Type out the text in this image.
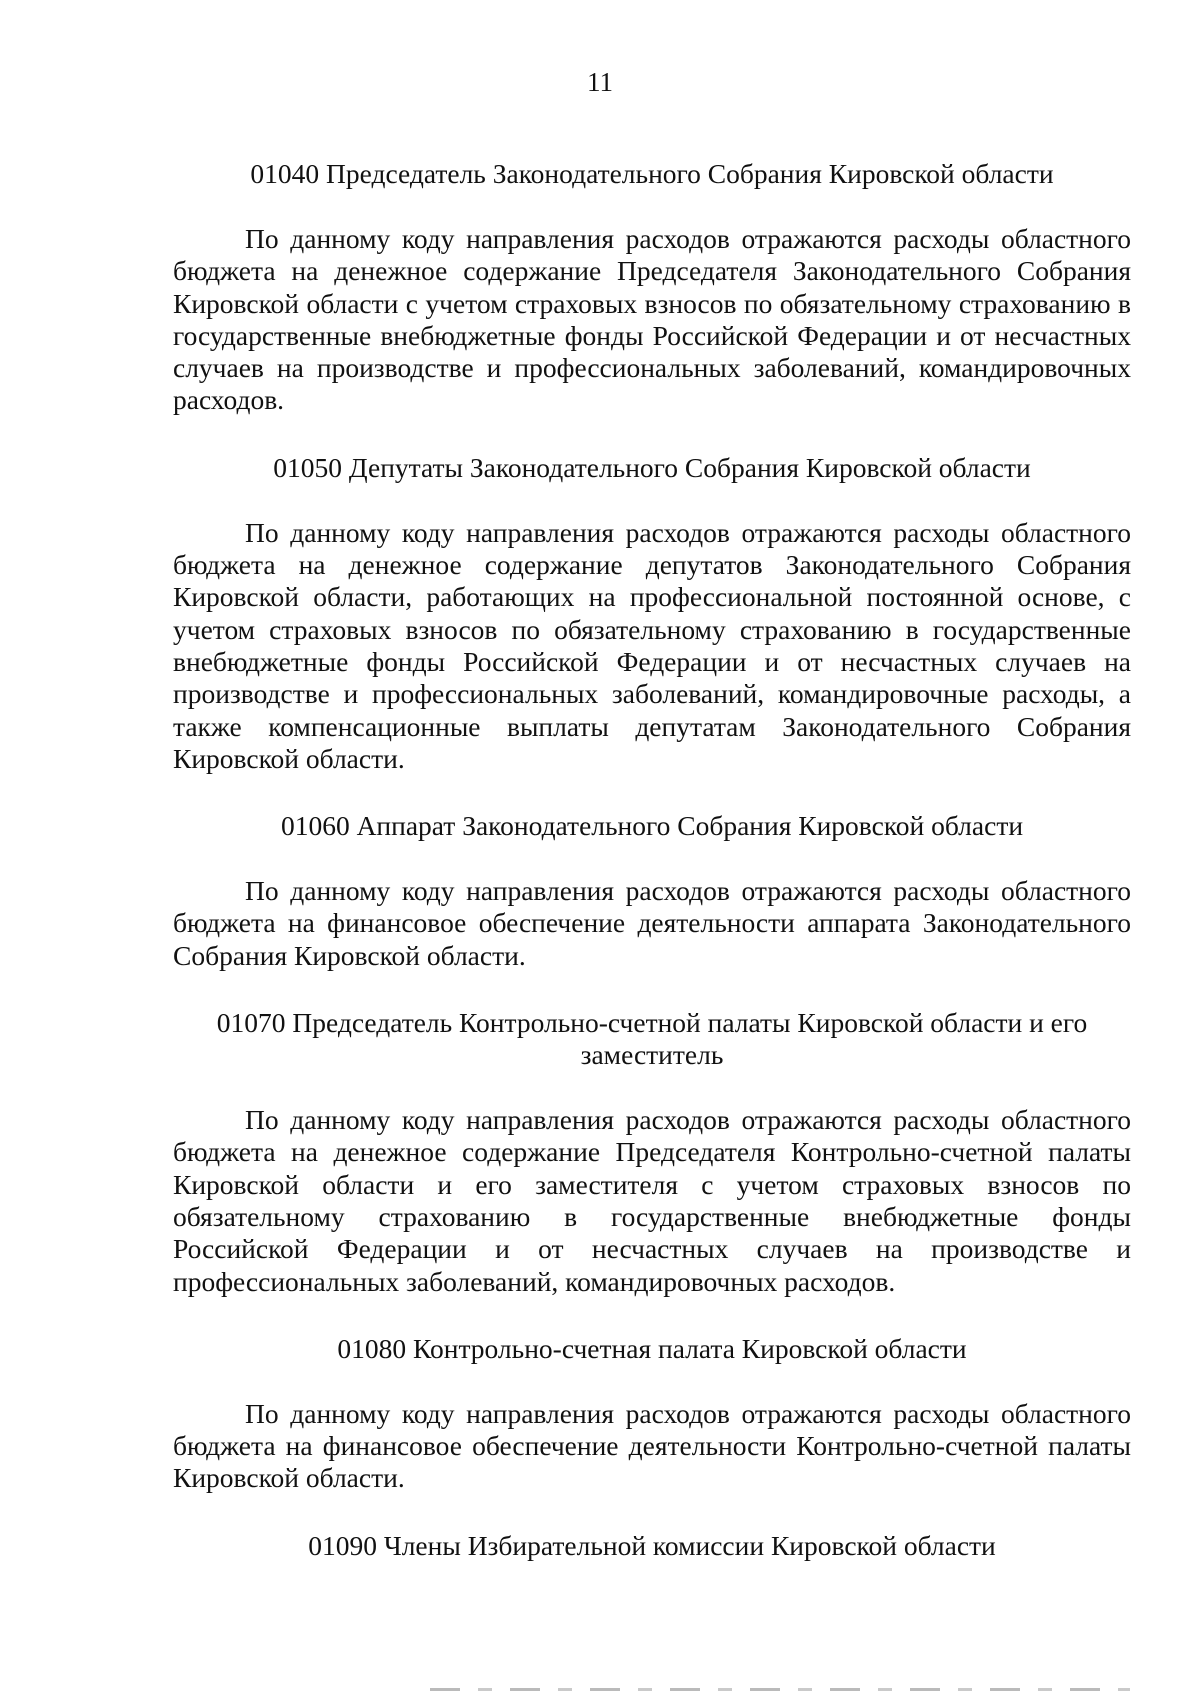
11

01040 Председатель Законодательного Собрания Кировской области

По данному коду направления расходов отражаются расходы областного бюджета на денежное содержание Председателя Законодательного Собрания Кировской области с учетом страховых взносов по обязательному страхованию в государственные внебюджетные фонды Российской Федерации и от несчастных случаев на производстве и профессиональных заболеваний, командировочных расходов.

01050 Депутаты Законодательного Собрания Кировской области

По данному коду направления расходов отражаются расходы областного бюджета на денежное содержание депутатов Законодательного Собрания Кировской области, работающих на профессиональной постоянной основе, с учетом страховых взносов по обязательному страхованию в государственные внебюджетные фонды Российской Федерации и от несчастных случаев на производстве и профессиональных заболеваний, командировочные расходы, а также компенсационные выплаты депутатам Законодательного Собрания Кировской области.

01060 Аппарат Законодательного Собрания Кировской области

По данному коду направления расходов отражаются расходы областного бюджета на финансовое обеспечение деятельности аппарата Законодательного Собрания Кировской области.

01070 Председатель Контрольно-счетной палаты Кировской области и его заместитель

По данному коду направления расходов отражаются расходы областного бюджета на денежное содержание Председателя Контрольно-счетной палаты Кировской области и его заместителя с учетом страховых взносов по обязательному страхованию в государственные внебюджетные фонды Российской Федерации и от несчастных случаев на производстве и профессиональных заболеваний, командировочных расходов.

01080 Контрольно-счетная палата Кировской области

По данному коду направления расходов отражаются расходы областного бюджета на финансовое обеспечение деятельности Контрольно-счетной палаты Кировской области.

01090 Члены Избирательной комиссии Кировской области
